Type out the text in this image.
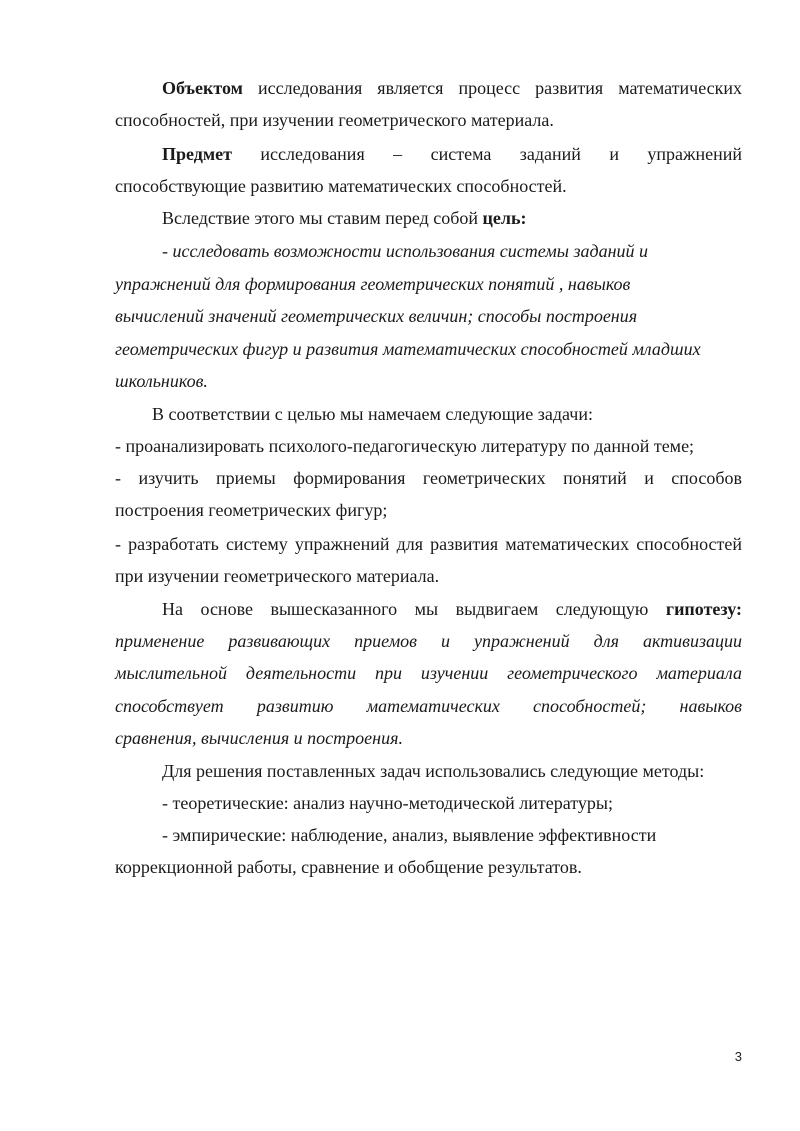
Объектом исследования является процесс развития математических

способностей, при изучении геометрического материала.

Предмет исследования – система заданий и упражнений

способствующие развитию математических способностей.

Вследствие этого мы ставим перед собой цель:

- исследовать возможности использования системы заданий и

упражнений для формирования геометрических понятий , навыков

вычислений значений геометрических величин; способы построения

геометрических фигур и развития математических способностей младших

школьников.

В соответствии с целью мы намечаем следующие задачи:

- проанализировать психолого-педагогическую литературу по данной теме;

- изучить приемы формирования геометрических понятий и способов

построения геометрических фигур;

- разработать систему упражнений для развития математических способностей

при изучении геометрического материала.

На основе вышесказанного мы выдвигаем следующую гипотезу:

применение развивающих приемов и упражнений для активизации

мыслительной деятельности при изучении геометрического материала

способствует развитию математических способностей; навыков

сравнения, вычисления и построения.

Для решения поставленных задач использовались следующие методы:

- теоретические: анализ научно-методической литературы;

- эмпирические: наблюдение, анализ, выявление эффективности

коррекционной работы, сравнение и обобщение результатов.

3
